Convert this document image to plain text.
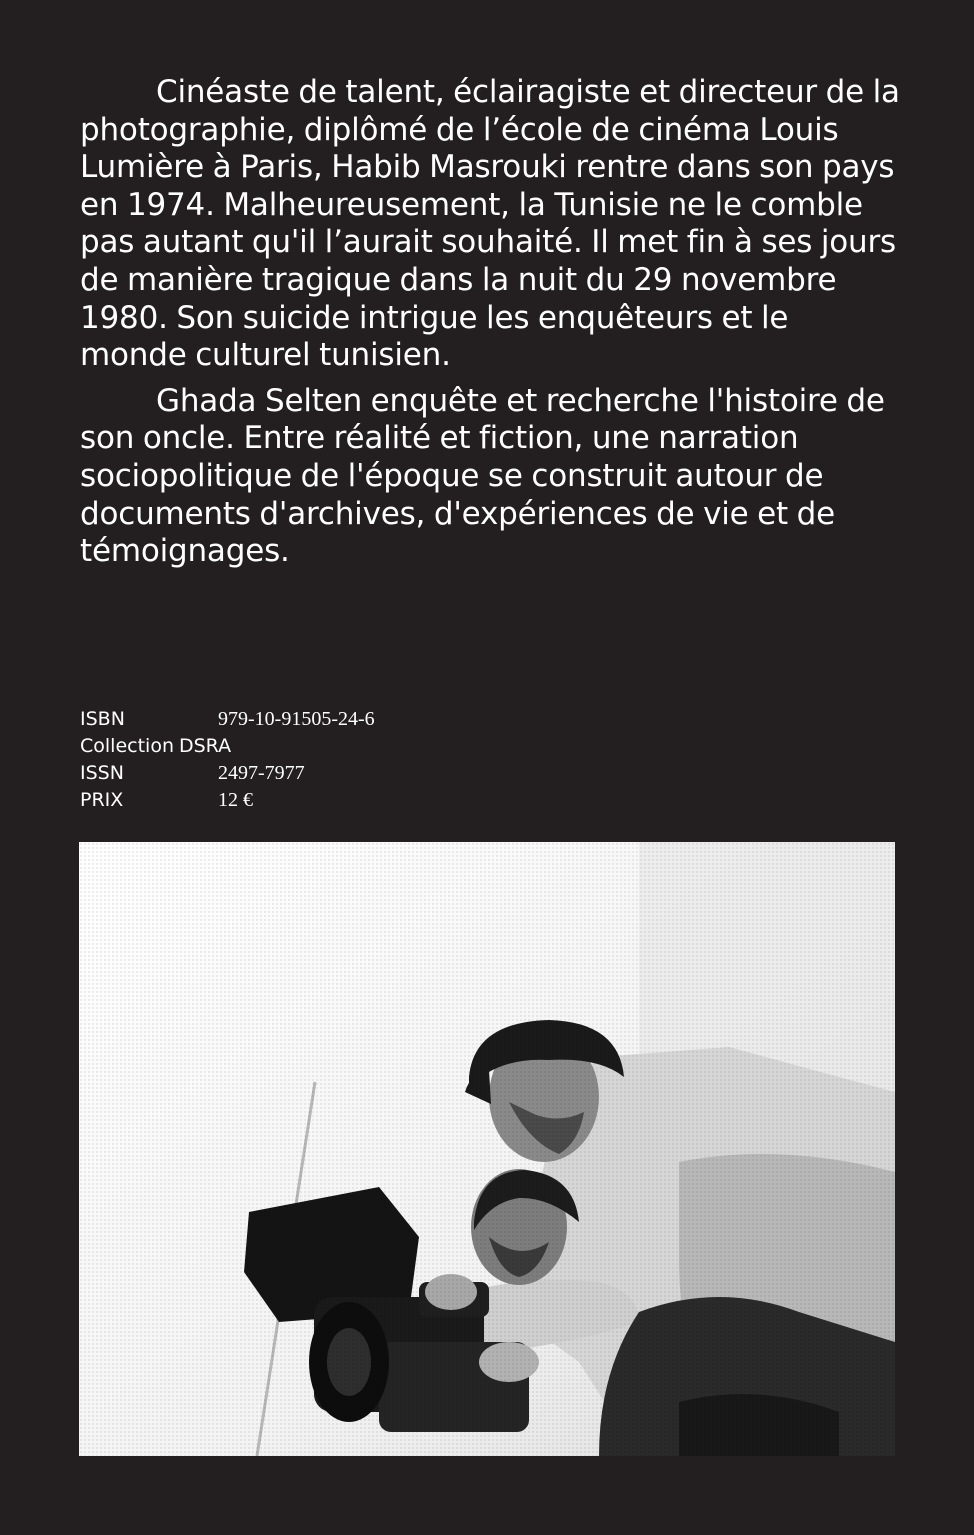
Cinéaste de talent, éclairagiste et directeur de la photographie, diplômé de l’école de cinéma Louis Lumière à Paris, Habib Masrouki rentre dans son pays en 1974. Malheureusement, la Tunisie ne le comble pas autant qu'il l’aurait souhaité. Il met fin à ses jours de manière tragique dans la nuit du 29 novembre 1980. Son suicide intrigue les enquêteurs et le monde culturel tunisien.

Ghada Selten enquête et recherche l'histoire de son oncle. Entre réalité et fiction, une narration sociopolitique de l'époque se construit autour de documents d'archives, d'expériences de vie et de témoignages.

ISBN	979-10-91505-24-6
Collection DSRA
ISSN	2497-7977
PRIX	12 €
